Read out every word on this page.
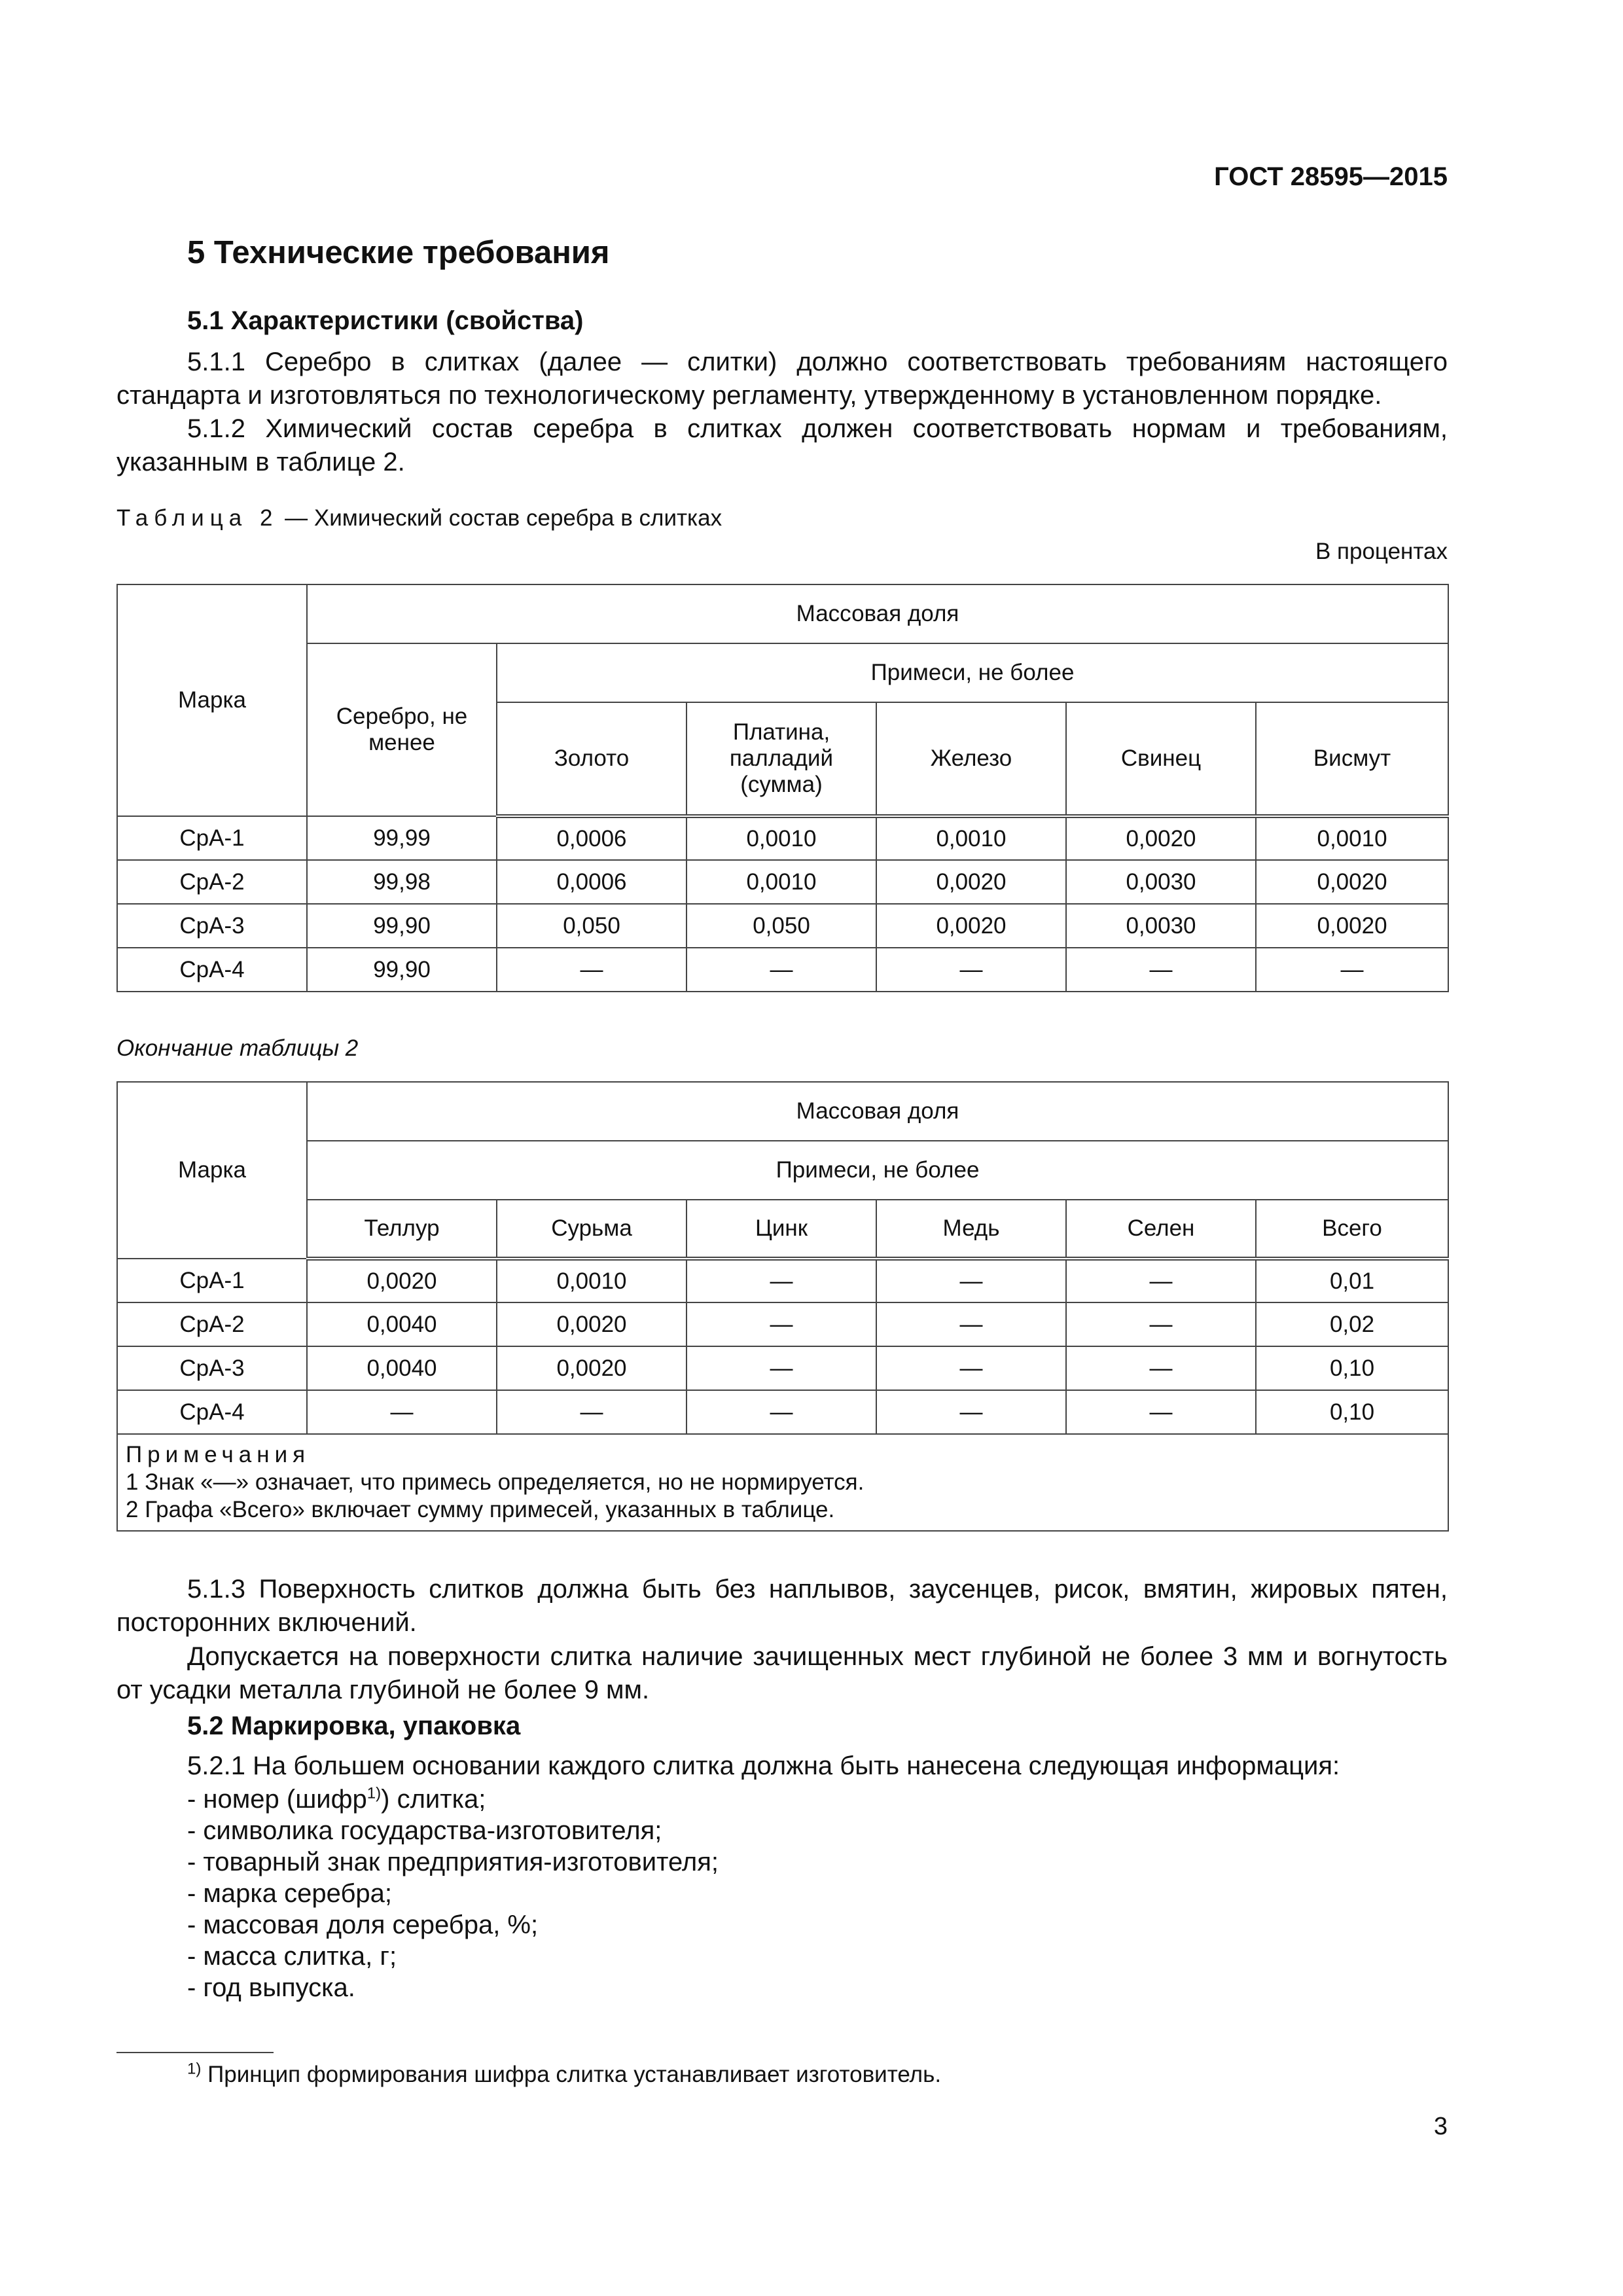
ГОСТ 28595—2015
5 Технические требования
5.1 Характеристики (свойства)

5.1.1 Серебро в слитках (далее — слитки) должно соответствовать требованиям настоящего стандарта и изготовляться по технологическому регламенту, утвержденному в установленном порядке.

5.1.2 Химический состав серебра в слитках должен соответствовать нормам и требованиям, указанным в таблице 2.

Таблица 2 — Химический состав серебра в слитках
В процентах
Марка	Массовая доля					
	Серебро, не менее	Примеси, не более				
		Золото	Платина, палладий (сумма)	Железо	Свинец	Висмут
СрА-1	99,99	0,0006	0,0010	0,0010	0,0020	0,0010
СрА-2	99,98	0,0006	0,0010	0,0020	0,0030	0,0020
СрА-3	99,90	0,050	0,050	0,0020	0,0030	0,0020
СрА-4	99,90	—	—	—	—	—
Окончание таблицы 2
Марка	Массовая доля					
	Примеси, не более					
	Теллур	Сурьма	Цинк	Медь	Селен	Всего
СрА-1	0,0020	0,0010	—	—	—	0,01
СрА-2	0,0040	0,0020	—	—	—	0,02
СрА-3	0,0040	0,0020	—	—	—	0,10
СрА-4	—	—	—	—	—	0,10

Примечания
1 Знак «—» означает, что примесь определяется, но не нормируется.
2 Графа «Всего» включает сумму примесей, указанных в таблице.						

5.1.3 Поверхность слитков должна быть без наплывов, заусенцев, рисок, вмятин, жировых пятен, посторонних включений.

Допускается на поверхности слитка наличие зачищенных мест глубиной не более 3 мм и вогнутость от усадки металла глубиной не более 9 мм.

5.2 Маркировка, упаковка

5.2.1 На большем основании каждого слитка должна быть нанесена следующая информация:

- номер (шифр$^{1)}$) слитка;
- символика государства-изготовителя;
- товарный знак предприятия-изготовителя;
- марка серебра;
- массовая доля серебра, %;
- масса слитка, г;
- год выпуска.
$^{1)}$ Принцип формирования шифра слитка устанавливает изготовитель.
3
